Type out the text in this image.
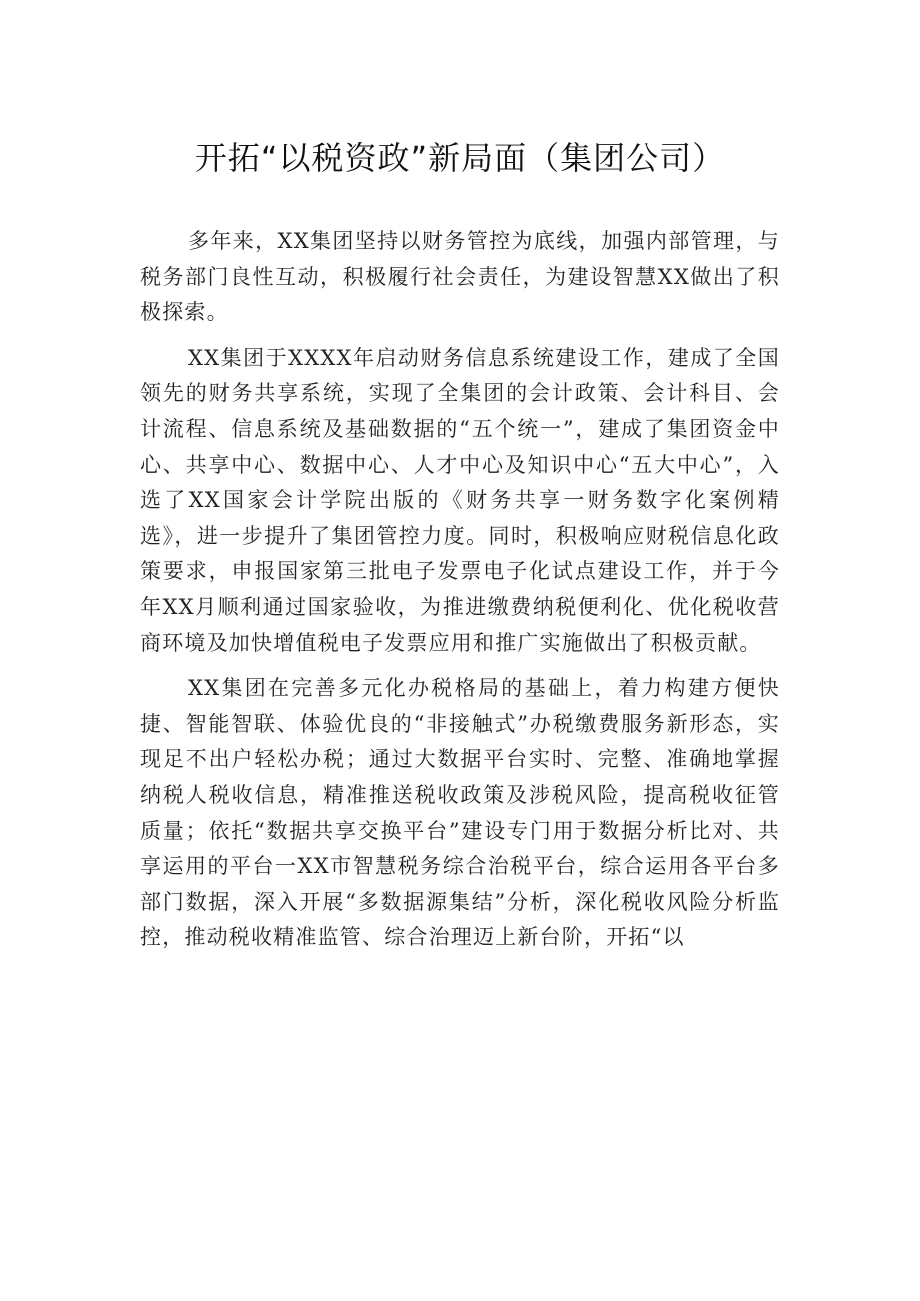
开拓“以税资政”新局面（集团公司）

多年来，XX集团坚持以财务管控为底线，加强内部管理，与税务部门良性互动，积极履行社会责任，为建设智慧XX做出了积极探索。

XX集团于XXXX年启动财务信息系统建设工作，建成了全国领先的财务共享系统，实现了全集团的会计政策、会计科目、会计流程、信息系统及基础数据的“五个统一”，建成了集团资金中心、共享中心、数据中心、人才中心及知识中心“五大中心”，入选了XX国家会计学院出版的《财务共享一财务数字化案例精选》，进一步提升了集团管控力度。同时，积极响应财税信息化政策要求，申报国家第三批电子发票电子化试点建设工作，并于今年XX月顺利通过国家验收，为推进缴费纳税便利化、优化税收营商环境及加快增值税电子发票应用和推广实施做出了积极贡献。

XX集团在完善多元化办税格局的基础上，着力构建方便快捷、智能智联、体验优良的“非接触式”办税缴费服务新形态，实现足不出户轻松办税；通过大数据平台实时、完整、准确地掌握纳税人税收信息，精准推送税收政策及涉税风险，提高税收征管质量；依托“数据共享交换平台”建设专门用于数据分析比对、共享运用的平台一XX市智慧税务综合治税平台，综合运用各平台多部门数据，深入开展“多数据源集结”分析，深化税收风险分析监控，推动税收精准监管、综合治理迈上新台阶，开拓“以
